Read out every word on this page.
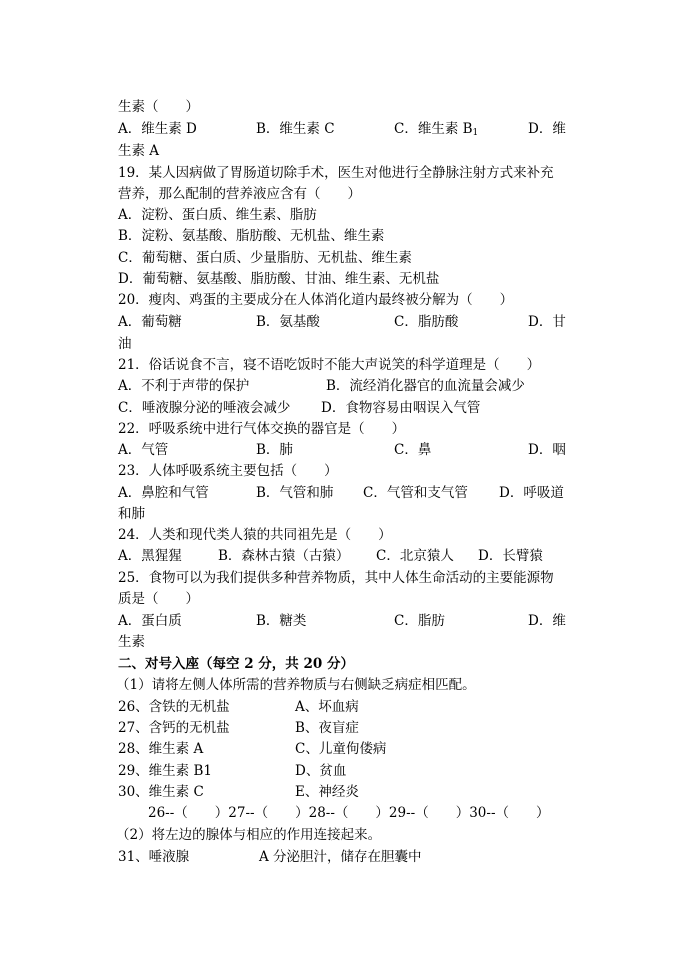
生素（　　）
A．维生素 D	B．维生素 C	C．维生素 $B_1$	D．维
生素 A
19．某人因病做了胃肠道切除手术，医生对他进行全静脉注射方式来补充
营养，那么配制的营养液应含有（　　）
A．淀粉、蛋白质、维生素、脂肪
B．淀粉、氨基酸、脂肪酸、无机盐、维生素
C．葡萄糖、蛋白质、少量脂肪、无机盐、维生素
D．葡萄糖、氨基酸、脂肪酸、甘油、维生素、无机盐
20．瘦肉、鸡蛋的主要成分在人体消化道内最终被分解为（　　）
A．葡萄糖	B．氨基酸	C．脂肪酸	D．甘
油
21．俗话说食不言，寝不语吃饭时不能大声说笑的科学道理是（　　）
A．不利于声带的保护	B．流经消化器官的血流量会减少
C．唾液腺分泌的唾液会减少 D．食物容易由咽误入气管
22．呼吸系统中进行气体交换的器官是（　　）
A．气管	B．肺	C．鼻	D．咽
23．人体呼吸系统主要包括（　　）
A．鼻腔和气管	B．气管和肺 C．气管和支气管 D．呼吸道
和肺
24．人类和现代类人猿的共同祖先是（　　）
A．黑猩猩	B．森林古猿（古猿） C．北京猿人 D．长臂猿
25．食物可以为我们提供多种营养物质，其中人体生命活动的主要能源物
质是（　　）
A．蛋白质	B．糖类	C．脂肪	D．维
生素
二、对号入座（每空 2 分，共 20 分）
（1）请将左侧人体所需的营养物质与右侧缺乏病症相匹配。
26、含铁的无机盐	A、坏血病
27、含钙的无机盐	B、夜盲症
28、维生素 A	C、儿童佝偻病
29、维生素 B1	D、贫血
30、维生素 C	E、神经炎
26--（　　）27--（　　）28--（　　）29--（　　）30--（　　）
（2）将左边的腺体与相应的作用连接起来。
31、唾液腺	A 分泌胆汁，储存在胆囊中
